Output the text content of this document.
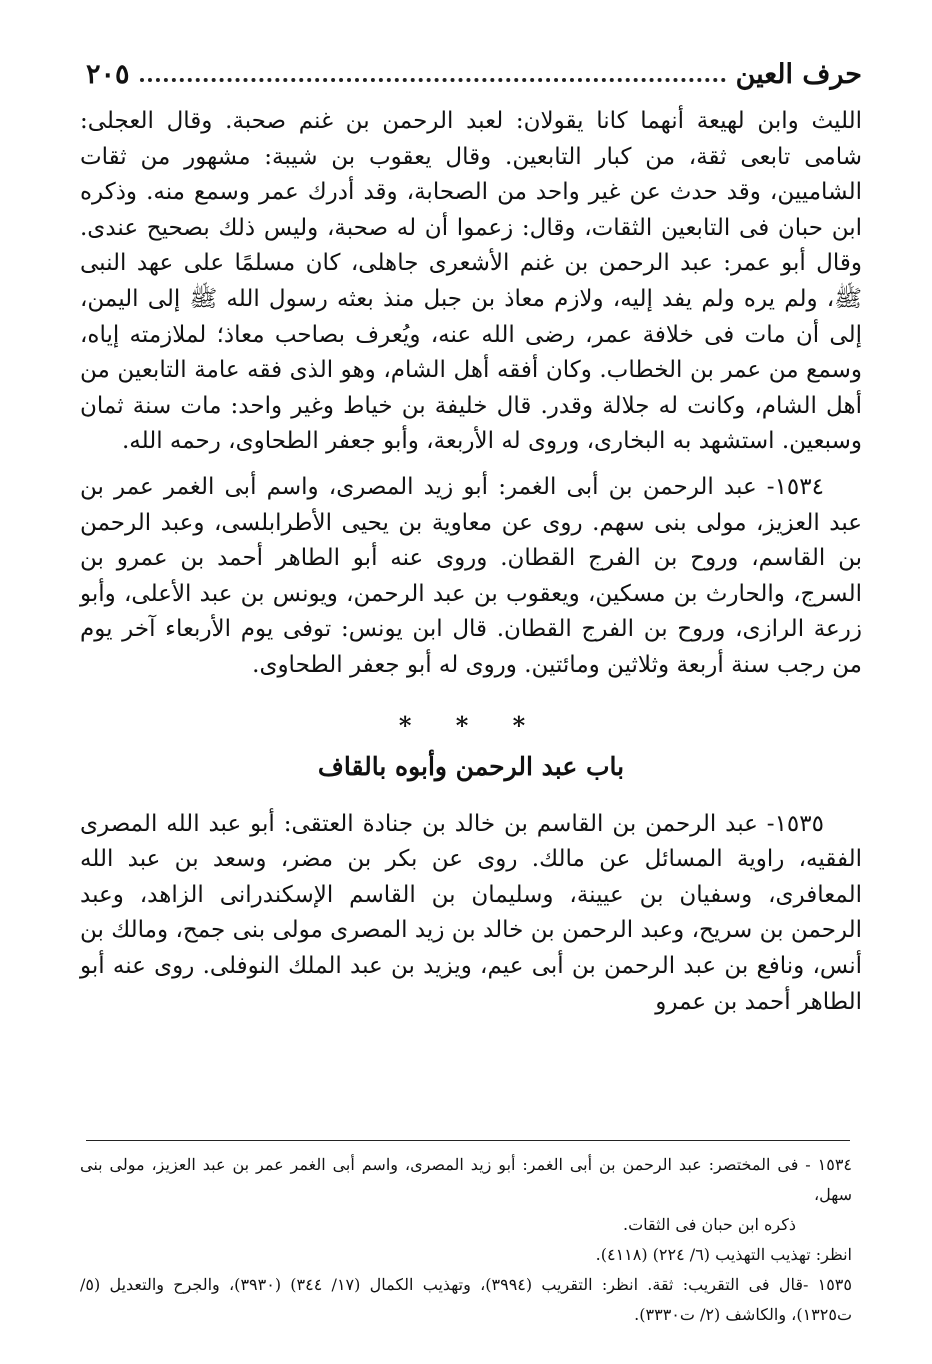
حرف العين
٢٠٥

الليث وابن لهيعة أنهما كانا يقولان: لعبد الرحمن بن غنم صحبة. وقال العجلى: شامى تابعى ثقة، من كبار التابعين. وقال يعقوب بن شيبة: مشهور من ثقات الشاميين، وقد حدث عن غير واحد من الصحابة، وقد أدرك عمر وسمع منه. وذكره ابن حبان فى التابعين الثقات، وقال: زعموا أن له صحبة، وليس ذلك بصحيح عندى. وقال أبو عمر: عبد الرحمن بن غنم الأشعرى جاهلى، كان مسلمًا على عهد النبى ﷺ، ولم يره ولم يفد إليه، ولازم معاذ بن جبل منذ بعثه رسول الله ﷺ إلى اليمن، إلى أن مات فى خلافة عمر، رضى الله عنه، ويُعرف بصاحب معاذ؛ لملازمته إياه، وسمع من عمر بن الخطاب. وكان أفقه أهل الشام، وهو الذى فقه عامة التابعين من أهل الشام، وكانت له جلالة وقدر. قال خليفة بن خياط وغير واحد: مات سنة ثمان وسبعين. استشهد به البخارى، وروى له الأربعة، وأبو جعفر الطحاوى، رحمه الله.

١٥٣٤- عبد الرحمن بن أبى الغمر: أبو زيد المصرى، واسم أبى الغمر عمر بن عبد العزيز، مولى بنى سهم. روى عن معاوية بن يحيى الأطرابلسى، وعبد الرحمن بن القاسم، وروح بن الفرج القطان. وروى عنه أبو الطاهر أحمد بن عمرو بن السرج، والحارث بن مسكين، ويعقوب بن عبد الرحمن، ويونس بن عبد الأعلى، وأبو زرعة الرازى، وروح بن الفرج القطان. قال ابن يونس: توفى يوم الأربعاء آخر يوم من رجب سنة أربعة وثلاثين ومائتين. وروى له أبو جعفر الطحاوى.

* * *
باب عبد الرحمن وأبوه بالقاف

١٥٣٥- عبد الرحمن بن القاسم بن خالد بن جنادة العتقى: أبو عبد الله المصرى الفقيه، راوية المسائل عن مالك. روى عن بكر بن مضر، وسعد بن عبد الله المعافرى، وسفيان بن عيينة، وسليمان بن القاسم الإسكندرانى الزاهد، وعبد الرحمن بن سريح، وعبد الرحمن بن خالد بن زيد المصرى مولى بنى جمح، ومالك بن أنس، ونافع بن عبد الرحمن بن أبى عيم، ويزيد بن عبد الملك النوفلى. روى عنه أبو الطاهر أحمد بن عمرو

١٥٣٤ - فى المختصر: عبد الرحمن بن أبى الغمر: أبو زيد المصرى، واسم أبى الغمر عمر بن عبد العزيز، مولى بنى سهل،

ذكره ابن حبان فى الثقات.

انظر: تهذيب التهذيب (٦/ ٢٢٤) (٤١١٨).

١٥٣٥ -قال فى التقريب: ثقة. انظر: التقريب (٣٩٩٤)، وتهذيب الكمال (١٧/ ٣٤٤) (٣٩٣٠)، والجرح والتعديل (٥/ ت١٣٢٥)، والكاشف (٢/ ت٣٣٣٠).
